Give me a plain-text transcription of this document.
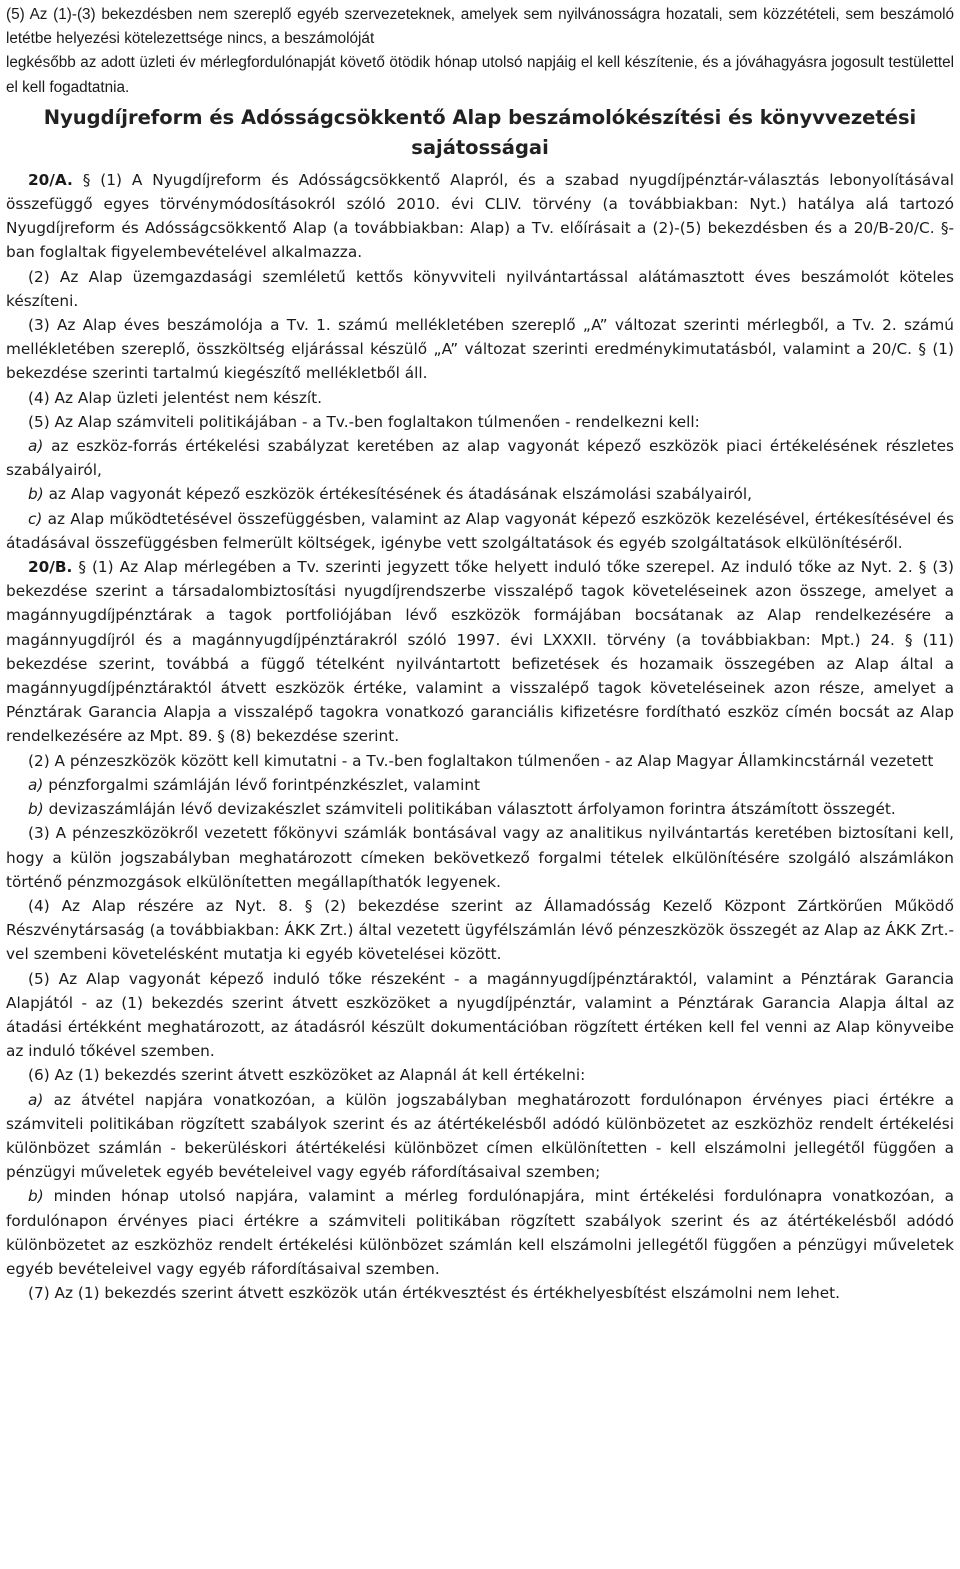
(5) Az (1)-(3) bekezdésben nem szereplő egyéb szervezeteknek, amelyek sem nyilvánosságra hozatali, sem közzétételi, sem beszámoló letétbe helyezési kötelezettsége nincs, a beszámolóját

legkésőbb az adott üzleti év mérlegfordulónapját követő ötödik hónap utolsó napjáig el kell készítenie, és a jóváhagyásra jogosult testülettel el kell fogadtatnia.

Nyugdíjreform és Adósságcsökkentő Alap beszámolókészítési és könyvvezetési sajátosságai

20/A. § (1) A Nyugdíjreform és Adósságcsökkentő Alapról, és a szabad nyugdíjpénztár-választás lebonyolításával összefüggő egyes törvénymódosításokról szóló 2010. évi CLIV. törvény (a továbbiakban: Nyt.) hatálya alá tartozó Nyugdíjreform és Adósságcsökkentő Alap (a továbbiakban: Alap) a Tv. előírásait a (2)-(5) bekezdésben és a 20/B-20/C. §-ban foglaltak figyelembevételével alkalmazza.

(2) Az Alap üzemgazdasági szemléletű kettős könyvviteli nyilvántartással alátámasztott éves beszámolót köteles készíteni.

(3) Az Alap éves beszámolója a Tv. 1. számú mellékletében szereplő „A” változat szerinti mérlegből, a Tv. 2. számú mellékletében szereplő, összköltség eljárással készülő „A” változat szerinti eredménykimutatásból, valamint a 20/C. § (1) bekezdése szerinti tartalmú kiegészítő mellékletből áll.

(4) Az Alap üzleti jelentést nem készít.

(5) Az Alap számviteli politikájában - a Tv.-ben foglaltakon túlmenően - rendelkezni kell:

a) az eszköz-forrás értékelési szabályzat keretében az alap vagyonát képező eszközök piaci értékelésének részletes szabályairól,

b) az Alap vagyonát képező eszközök értékesítésének és átadásának elszámolási szabályairól,

c) az Alap működtetésével összefüggésben, valamint az Alap vagyonát képező eszközök kezelésével, értékesítésével és átadásával összefüggésben felmerült költségek, igénybe vett szolgáltatások és egyéb szolgáltatások elkülönítéséről.

20/B. § (1) Az Alap mérlegében a Tv. szerinti jegyzett tőke helyett induló tőke szerepel. Az induló tőke az Nyt. 2. § (3) bekezdése szerint a társadalombiztosítási nyugdíjrendszerbe visszalépő tagok követeléseinek azon összege, amelyet a magánnyugdíjpénztárak a tagok portfoliójában lévő eszközök formájában bocsátanak az Alap rendelkezésére a magánnyugdíjról és a magánnyugdíjpénztárakról szóló 1997. évi LXXXII. törvény (a továbbiakban: Mpt.) 24. § (11) bekezdése szerint, továbbá a függő tételként nyilvántartott befizetések és hozamaik összegében az Alap által a magánnyugdíjpénztáraktól átvett eszközök értéke, valamint a visszalépő tagok követeléseinek azon része, amelyet a Pénztárak Garancia Alapja a visszalépő tagokra vonatkozó garanciális kifizetésre fordítható eszköz címén bocsát az Alap rendelkezésére az Mpt. 89. § (8) bekezdése szerint.

(2) A pénzeszközök között kell kimutatni - a Tv.-ben foglaltakon túlmenően - az Alap Magyar Államkincstárnál vezetett

a) pénzforgalmi számláján lévő forintpénzkészlet, valamint

b) devizaszámláján lévő devizakészlet számviteli politikában választott árfolyamon forintra átszámított összegét.

(3) A pénzeszközökről vezetett főkönyvi számlák bontásával vagy az analitikus nyilvántartás keretében biztosítani kell, hogy a külön jogszabályban meghatározott címeken bekövetkező forgalmi tételek elkülönítésére szolgáló alszámlákon történő pénzmozgások elkülönítetten megállapíthatók legyenek.

(4) Az Alap részére az Nyt. 8. § (2) bekezdése szerint az Államadósság Kezelő Központ Zártkörűen Működő Részvénytársaság (a továbbiakban: ÁKK Zrt.) által vezetett ügyfélszámlán lévő pénzeszközök összegét az Alap az ÁKK Zrt.-vel szembeni követelésként mutatja ki egyéb követelései között.

(5) Az Alap vagyonát képező induló tőke részeként - a magánnyugdíjpénztáraktól, valamint a Pénztárak Garancia Alapjától - az (1) bekezdés szerint átvett eszközöket a nyugdíjpénztár, valamint a Pénztárak Garancia Alapja által az átadási értékként meghatározott, az átadásról készült dokumentációban rögzített értéken kell fel venni az Alap könyveibe az induló tőkével szemben.

(6) Az (1) bekezdés szerint átvett eszközöket az Alapnál át kell értékelni:

a) az átvétel napjára vonatkozóan, a külön jogszabályban meghatározott fordulónapon érvényes piaci értékre a számviteli politikában rögzített szabályok szerint és az átértékelésből adódó különbözetet az eszközhöz rendelt értékelési különbözet számlán - bekerüléskori átértékelési különbözet címen elkülönítetten - kell elszámolni jellegétől függően a pénzügyi műveletek egyéb bevételeivel vagy egyéb ráfordításaival szemben;

b) minden hónap utolsó napjára, valamint a mérleg fordulónapjára, mint értékelési fordulónapra vonatkozóan, a fordulónapon érvényes piaci értékre a számviteli politikában rögzített szabályok szerint és az átértékelésből adódó különbözetet az eszközhöz rendelt értékelési különbözet számlán kell elszámolni jellegétől függően a pénzügyi műveletek egyéb bevételeivel vagy egyéb ráfordításaival szemben.

(7) Az (1) bekezdés szerint átvett eszközök után értékvesztést és értékhelyesbítést elszámolni nem lehet.
